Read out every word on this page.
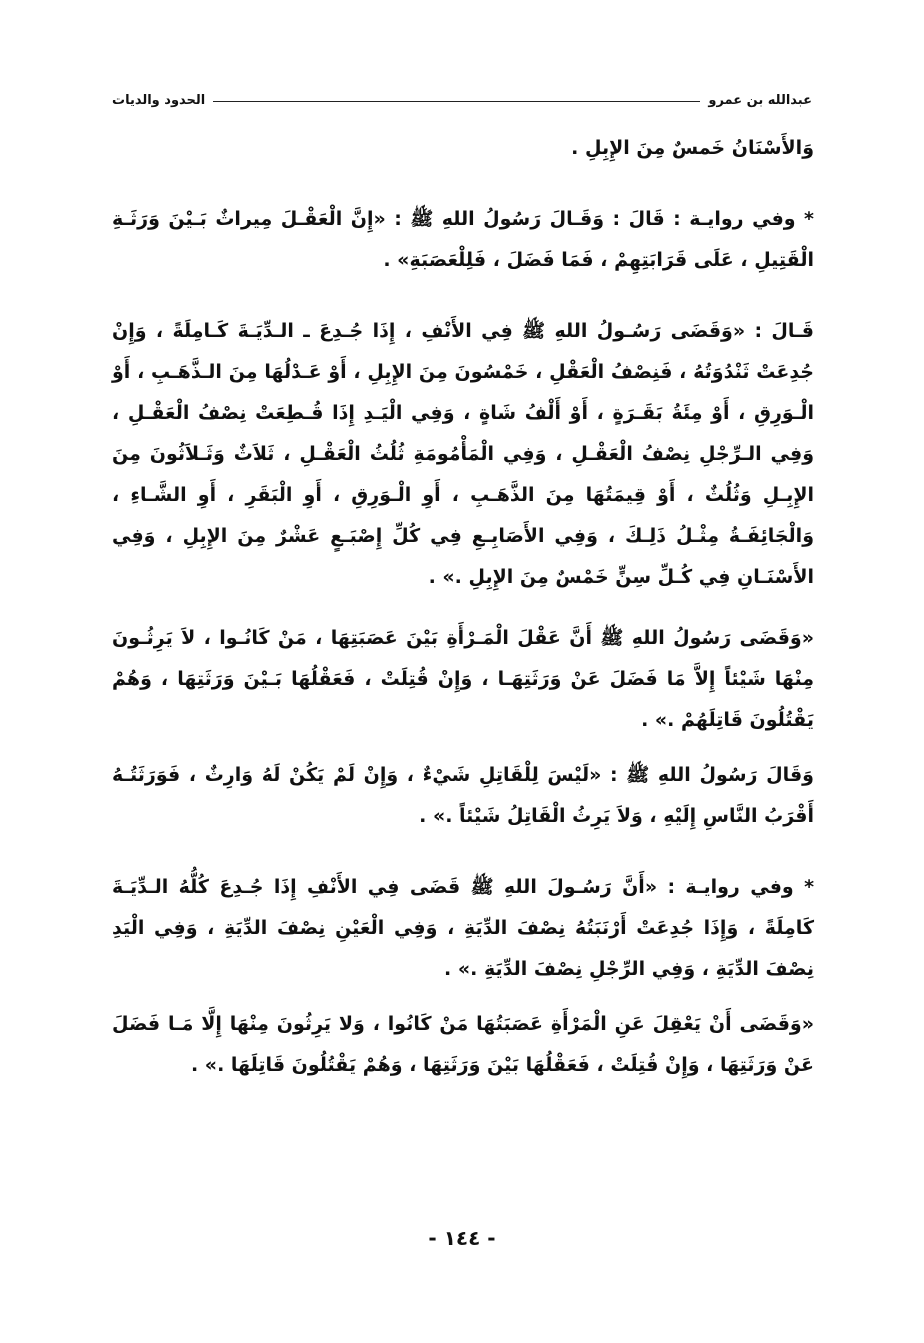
الحدود والديات	عبدالله بن عمرو

وَالأَسْنَانُ خَمسٌ مِنَ الإِبِلِ .

* وفي روايـة : قَالَ : وَقَـالَ رَسُولُ اللهِ ﷺ : «إِنَّ الْعَقْـلَ مِيراثٌ بَـيْنَ وَرَثَـةِ الْقَتِيلِ ، عَلَى قَرَابَتِهِمْ ، فَمَا فَضَلَ ، فَلِلْعَصَبَةِ» .

قَـالَ : «وَقَضَى رَسُـولُ اللهِ ﷺ فِي الأَنْفِ ، إِذَا جُـدِعَ ـ الـدِّيَـةَ كَـامِلَةً ، وَإِنْ جُدِعَتْ ثَنْدُوَتُهُ ، فَنِصْفُ الْعَقْلِ ، خَمْسُونَ مِنَ الإِبِلِ ، أَوْ عَـدْلُهَا مِنَ الـذَّهَـبِ ، أَوْ الْـوَرِقِ ، أَوْ مِئَةُ بَقَـرَةٍ ، أَوْ أَلْفُ شَاةٍ ، وَفِي الْيَـدِ إِذَا قُـطِعَتْ نِصْفُ الْعَقْـلِ ، وَفِي الـرِّجْلِ نِصْفُ الْعَقْـلِ ، وَفِي الْمَأْمُومَةِ ثُلُثُ الْعَقْـلِ ، ثَلاَثٌ وَثَـلاَثُونَ مِنَ الإِبِـلِ وَثُلُثٌ ، أَوْ قِيمَتُهَا مِنَ الذَّهَـبِ ، أَوِ الْـوَرِقِ ، أَوِ الْبَقَرِ ، أَوِ الشَّـاءِ ، وَالْجَائِفَـةُ مِثْـلُ ذَلِـكَ ، وَفِي الأَصَابِـعِ فِي كُلِّ إِصْبَـعٍ عَشْرٌ مِنَ الإِبِلِ ، وَفِي الأَسْنَـانِ فِي كُـلِّ سِنٍّ خَمْسٌ مِنَ الإِبِلِ .» .

«وَقَضَى رَسُولُ اللهِ ﷺ أَنَّ عَقْلَ الْمَـرْأَةِ بَيْنَ عَصَبَتِهَا ، مَنْ كَانُـوا ، لاَ يَرِثُـونَ مِنْهَا شَيْئاً إِلاَّ مَا فَضَلَ عَنْ وَرَثَتِهَـا ، وَإِنْ قُتِلَتْ ، فَعَقْلُهَا بَـيْنَ وَرَثَتِهَا ، وَهُمْ يَقْتُلُونَ قَاتِلَهُمْ .» .

وَقَالَ رَسُولُ اللهِ ﷺ : «لَيْسَ لِلْقَاتِلِ شَيْءٌ ، وَإِنْ لَمْ يَكُنْ لَهُ وَارِثٌ ، فَوَرَثَتُـهُ أَقْرَبُ النَّاسِ إِلَيْهِ ، وَلاَ يَرِثُ الْقَاتِلُ شَيْئاً .» .

* وفي روايـة : «أَنَّ رَسُـولَ اللهِ ﷺ قَضَى فِي الأَنْفِ إِذَا جُـدِعَ كُلُّهُ الـدِّيَـةَ كَامِلَةً ، وَإِذَا جُدِعَتْ أَرْنَبَتُهُ نِصْفَ الدِّيَةِ ، وَفِي الْعَيْنِ نِصْفَ الدِّيَةِ ، وَفِي الْيَدِ نِصْفَ الدِّيَةِ ، وَفِي الرِّجْلِ نِصْفَ الدِّيَةِ .» .

«وَقَضَى أَنْ يَعْقِلَ عَنِ الْمَرْأَةِ عَصَبَتُهَا مَنْ كَانُوا ، وَلا يَرِثُونَ مِنْهَا إِلَّا مَـا فَضَلَ عَنْ وَرَثَتِهَا ، وَإِنْ قُتِلَتْ ، فَعَقْلُهَا بَيْنَ وَرَثَتِهَا ، وَهُمْ يَقْتُلُونَ قَاتِلَهَا .» .

- ١٤٤ -
